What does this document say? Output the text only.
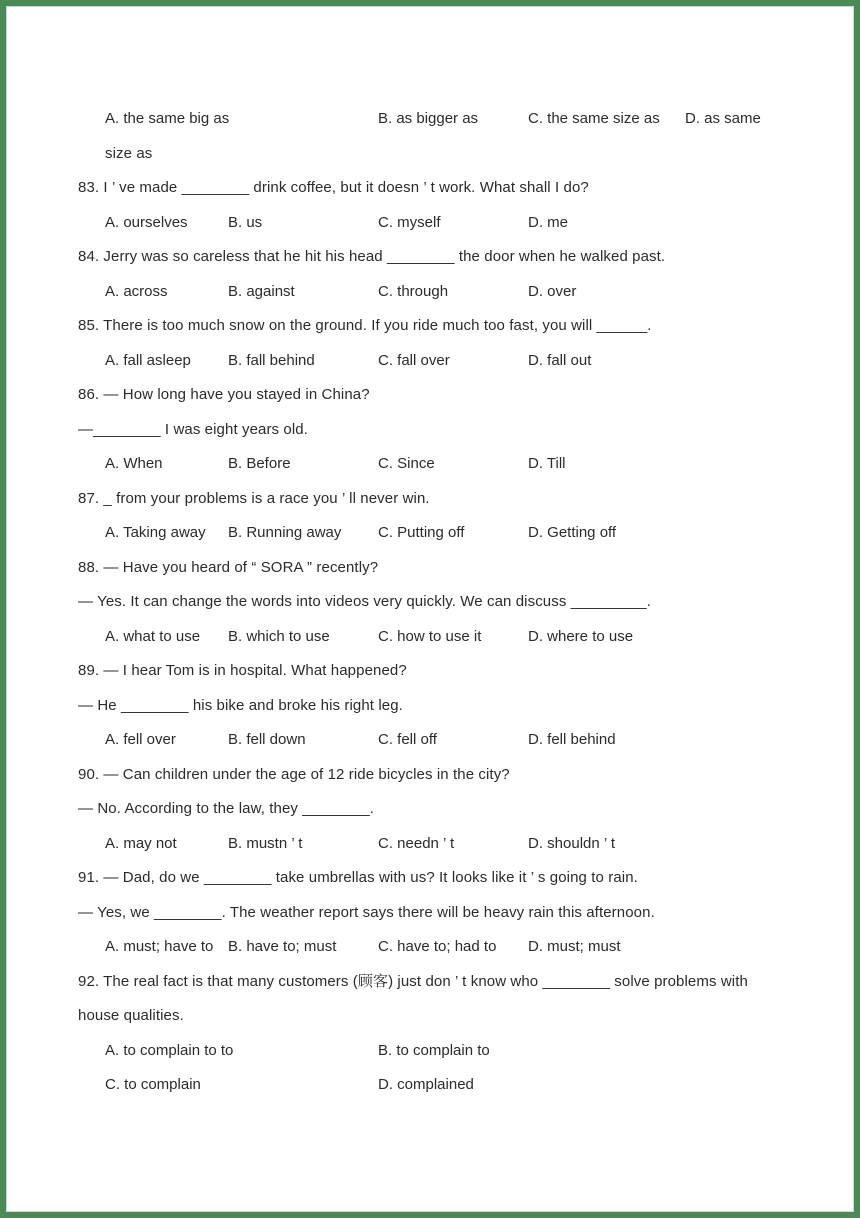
A. the same big as	B. as bigger as	C. the same size as D. as same
size as
83. I ’ ve made ________ drink coffee, but it doesn ’ t work. What shall I do?
A. ourselves	B. us	C. myself	D. me
84. Jerry was so careless that he hit his head ________ the door when he walked past.
A. across	B. against	C. through	D. over
85. There is too much snow on the ground. If you ride much too fast, you will ______.
A. fall asleep B. fall behind	C. fall over	D. fall out
86. — How long have you stayed in China?
—________ I was eight years old.
A. When	B. Before	C. Since	D. Till
87. _ from your problems is a race you ’ ll never win.
A. Taking away B. Running away C. Putting off	D. Getting off
88. — Have you heard of “ SORA ” recently?
— Yes. It can change the words into videos very quickly. We can discuss _________.
A. what to use B. which to use	C. how to use it	D. where to use
89. — I hear Tom is in hospital. What happened?
— He ________ his bike and broke his right leg.
A. fell over	B. fell down	C. fell off	D. fell behind
90. — Can children under the age of 12 ride bicycles in the city?
— No. According to the law, they ________.
A. may not	B. mustn ’ t	C. needn ’ t	D. shouldn ’ t
91. — Dad, do we ________ take umbrellas with us? It looks like it ’ s going to rain.
— Yes, we ________. The weather report says there will be heavy rain this afternoon.
A. must; have to B. have to; must	C. have to; had to D. must; must
92. The real fact is that many customers (顾客) just don ’ t know who ________ solve problems with
house qualities.
A. to complain to to	B. to complain to
C. to complain	D. complained
